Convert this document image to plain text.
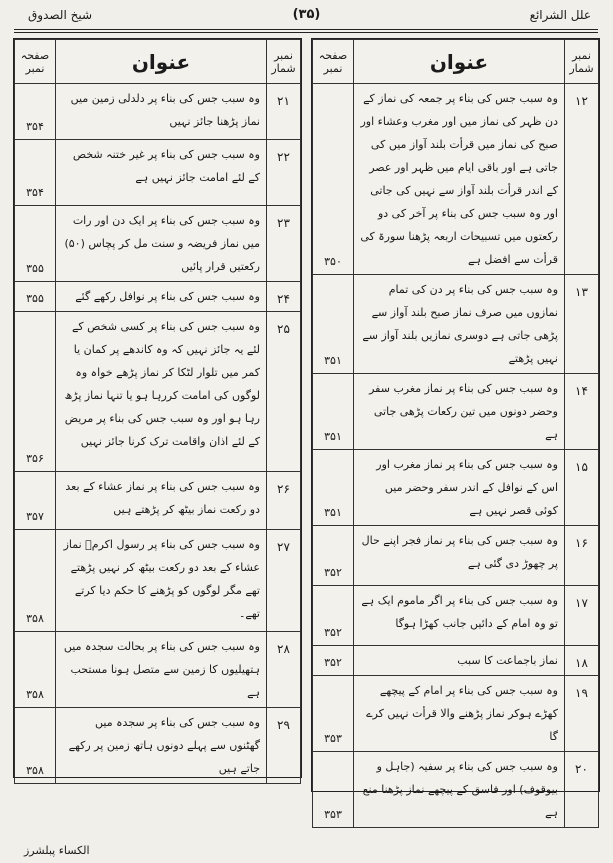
علل الشرائع
(۳۵)
شیخ الصدوق
نمبر شمار	عنوان	صفحہ نمبر
۱۲	وہ سبب جس کی بناء پر جمعہ کی نماز کے دن ظہر کی نماز میں اور مغرب وعشاء اور صبح کی نماز میں قرأت بلند آواز میں کی جاتی ہے اور باقی ایام میں ظہر اور عصر کے اندر قرأت بلند آواز سے نہیں کی جاتی اور وہ سبب جس کی بناء پر آخر کی دو رکعتوں میں تسبیحات اربعہ پڑھنا سورۃ کی قرأت سے افضل ہے	۳۵۰
۱۳	وہ سبب جس کی بناء پر دن کی تمام نمازوں میں صرف نماز صبح بلند آواز سے پڑھی جاتی ہے دوسری نمازیں بلند آواز سے نہیں پڑھتے	۳۵۱
۱۴	وہ سبب جس کی بناء پر نماز مغرب سفر وحضر دونوں میں تین رکعات پڑھی جاتی ہے	۳۵۱
۱۵	وہ سبب جس کی بناء پر نماز مغرب اور اس کے نوافل کے اندر سفر وحضر میں کوئی قصر نہیں ہے	۳۵۱
۱۶	وہ سبب جس کی بناء پر نماز فجر اپنے حال پر چھوڑ دی گئی ہے	۳۵۲
۱۷	وہ سبب جس کی بناء پر اگر ماموم ایک ہے تو وہ امام کے دائیں جانب کھڑا ہوگا	۳۵۲
۱۸	نماز باجماعت کا سبب	۳۵۲
۱۹	وہ سبب جس کی بناء پر امام کے پیچھے کھڑے ہوکر نماز پڑھنے والا قرأت نہیں کرے گا	۳۵۳
۲۰	وہ سبب جس کی بناء پر سفیہ (جاہل و بیوقوف) اور فاسق کے پیچھے نماز پڑھنا منع ہے	۳۵۳
نمبر شمار	عنوان	صفحہ نمبر
۲۱	وہ سبب جس کی بناء پر دلدلی زمین میں نماز پڑھنا جائز نہیں	۳۵۴
۲۲	وہ سبب جس کی بناء پر غیر ختنہ شخص کے لئے امامت جائز نہیں ہے	۳۵۴
۲۳	وہ سبب جس کی بناء پر ایک دن اور رات میں نماز فریضہ و سنت مل کر پچاس (۵۰) رکعتیں قرار پائیں	۳۵۵
۲۴	وہ سبب جس کی بناء پر نوافل رکھے گئے	۳۵۵
۲۵	وہ سبب جس کی بناء پر کسی شخص کے لئے یہ جائز نہیں کہ وہ کاندھے پر کمان یا کمر میں تلوار لٹکا کر نماز پڑھے خواہ وہ لوگوں کی امامت کررہا ہو یا تنہا نماز پڑھ رہا ہو اور وہ سبب جس کی بناء پر مریض کے لئے اذان واقامت ترک کرنا جائز نہیں	۳۵۶
۲۶	وہ سبب جس کی بناء پر نماز عشاء کے بعد دو رکعت نماز بیٹھ کر پڑھتے ہیں	۳۵۷
۲۷	وہ سبب جس کی بناء پر رسول اکرمؐ نماز عشاء کے بعد دو رکعت بیٹھ کر نہیں پڑھتے تھے مگر لوگوں کو پڑھنے کا حکم دیا کرتے تھے۔	۳۵۸
۲۸	وہ سبب جس کی بناء پر بحالت سجدہ میں ہتھیلیوں کا زمین سے متصل ہونا مستحب ہے	۳۵۸
۲۹	وہ سبب جس کی بناء پر سجدہ میں گھٹنوں سے پہلے دونوں ہاتھ زمین پر رکھے جاتے ہیں	۳۵۸
الکساء پبلشرز
